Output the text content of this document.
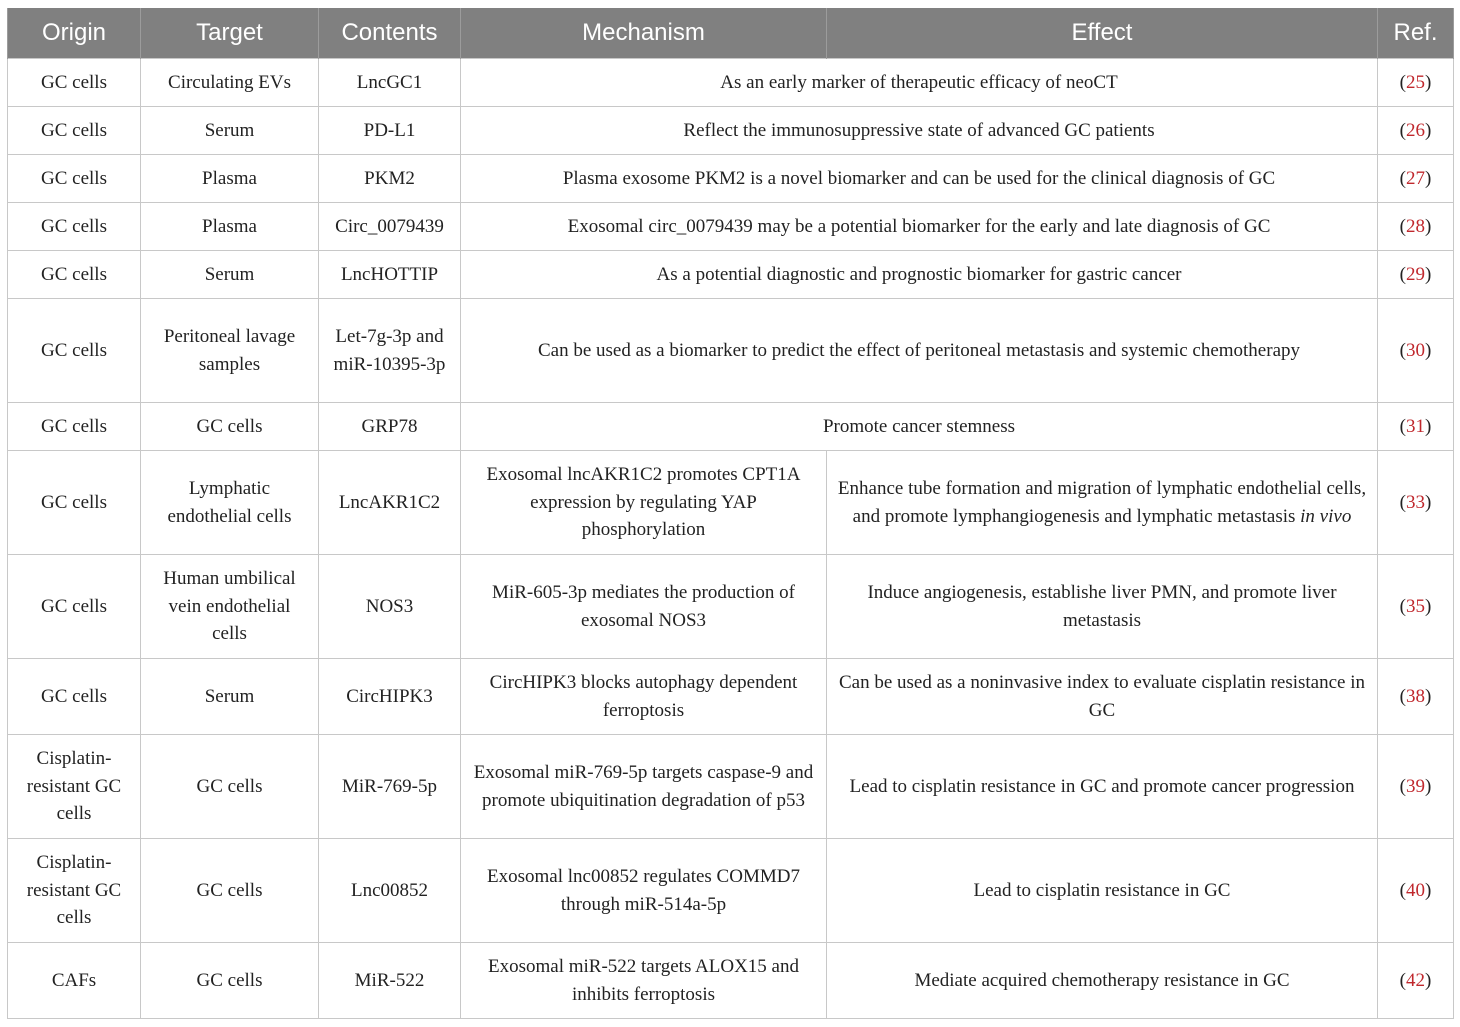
Origin	Target	Contents	Mechanism	Effect	Ref.
GC cells	Circulating EVs	LncGC1	As an early marker of therapeutic efficacy of neoCT		(25)
GC cells	Serum	PD-L1	Reflect the immunosuppressive state of advanced GC patients		(26)
GC cells	Plasma	PKM2	Plasma exosome PKM2 is a novel biomarker and can be used for the clinical diagnosis of GC		(27)
GC cells	Plasma	Circ_0079439	Exosomal circ_0079439 may be a potential biomarker for the early and late diagnosis of GC		(28)
GC cells	Serum	LncHOTTIP	As a potential diagnostic and prognostic biomarker for gastric cancer		(29)
GC cells	Peritoneal lavage samples	Let-7g-3p and miR-10395-3p	Can be used as a biomarker to predict the effect of peritoneal metastasis and systemic chemotherapy		(30)
GC cells	GC cells	GRP78	Promote cancer stemness		(31)
GC cells	Lymphatic endothelial cells	LncAKR1C2	Exosomal lncAKR1C2 promotes CPT1A expression by regulating YAP phosphorylation	Enhance tube formation and migration of lymphatic endothelial cells, and promote lymphangiogenesis and lymphatic metastasis in vivo	(33)
GC cells	Human umbilical vein endothelial cells	NOS3	MiR-605-3p mediates the production of exosomal NOS3	Induce angiogenesis, establishe liver PMN, and promote liver metastasis	(35)
GC cells	Serum	CircHIPK3	CircHIPK3 blocks autophagy dependent ferroptosis	Can be used as a noninvasive index to evaluate cisplatin resistance in GC	(38)
Cisplatin-resistant GC cells	GC cells	MiR-769-5p	Exosomal miR-769-5p targets caspase-9 and promote ubiquitination degradation of p53	Lead to cisplatin resistance in GC and promote cancer progression	(39)
Cisplatin-resistant GC cells	GC cells	Lnc00852	Exosomal lnc00852 regulates COMMD7 through miR-514a-5p	Lead to cisplatin resistance in GC	(40)
CAFs	GC cells	MiR-522	Exosomal miR-522 targets ALOX15 and inhibits ferroptosis	Mediate acquired chemotherapy resistance in GC	(42)
